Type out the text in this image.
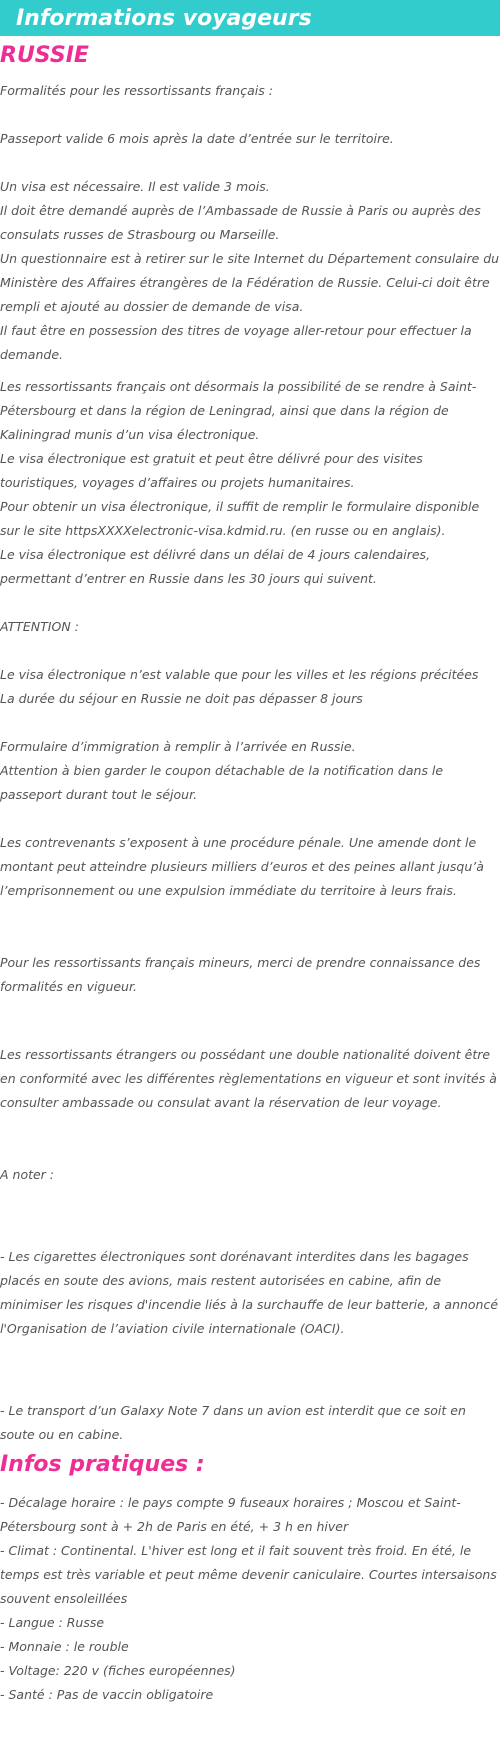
Informations voyageurs
RUSSIE

Formalités pour les ressortissants français :

Passeport valide 6 mois après la date d’entrée sur le territoire.

Un visa est nécessaire. Il est valide 3 mois.
Il doit être demandé auprès de l’Ambassade de Russie à Paris ou auprès des consulats russes de Strasbourg ou Marseille.
Un questionnaire est à retirer sur le site Internet du Département consulaire du Ministère des Affaires étrangères de la Fédération de Russie. Celui-ci doit être rempli et ajouté au dossier de demande de visa.
Il faut être en possession des titres de voyage aller-retour pour effectuer la demande.

Les ressortissants français ont désormais la possibilité de se rendre à Saint-Pétersbourg et dans la région de Leningrad, ainsi que dans la région de Kaliningrad munis d’un visa électronique.
Le visa électronique est gratuit et peut être délivré pour des visites touristiques, voyages d’affaires ou projets humanitaires.
Pour obtenir un visa électronique, il suffit de remplir le formulaire disponible sur le site httpsXXXXelectronic-visa.kdmid.ru. (en russe ou en anglais).
Le visa électronique est délivré dans un délai de 4 jours calendaires, permettant d’entrer en Russie dans les 30 jours qui suivent.

ATTENTION :

Le visa électronique n’est valable que pour les villes et les régions précitées
La durée du séjour en Russie ne doit pas dépasser 8 jours

Formulaire d’immigration à remplir à l’arrivée en Russie.
Attention à bien garder le coupon détachable de la notification dans le passeport durant tout le séjour.

Les contrevenants s’exposent à une procédure pénale. Une amende dont le montant peut atteindre plusieurs milliers d’euros et des peines allant jusqu’à l’emprisonnement ou une expulsion immédiate du territoire à leurs frais.

Pour les ressortissants français mineurs, merci de prendre connaissance des formalités en vigueur.

Les ressortissants étrangers ou possédant une double nationalité doivent être en conformité avec les différentes règlementations en vigueur et sont invités à consulter ambassade ou consulat avant la réservation de leur voyage.

A noter :

- Les cigarettes électroniques sont dorénavant interdites dans les bagages placés en soute des avions, mais restent autorisées en cabine, afin de minimiser les risques d'incendie liés à la surchauffe de leur batterie, a annoncé l'Organisation de l’aviation civile internationale (OACI).

- Le transport d’un Galaxy Note 7 dans un avion est interdit que ce soit en soute ou en cabine.

Infos pratiques :

- Décalage horaire : le pays compte 9 fuseaux horaires ; Moscou et Saint-Pétersbourg sont à + 2h de Paris en été, + 3 h en hiver
- Climat : Continental. L'hiver est long et il fait souvent très froid. En été, le temps est très variable et peut même devenir caniculaire. Courtes intersaisons souvent ensoleillées
- Langue : Russe
- Monnaie : le rouble
- Voltage: 220 v (fiches européennes)
- Santé : Pas de vaccin obligatoire
